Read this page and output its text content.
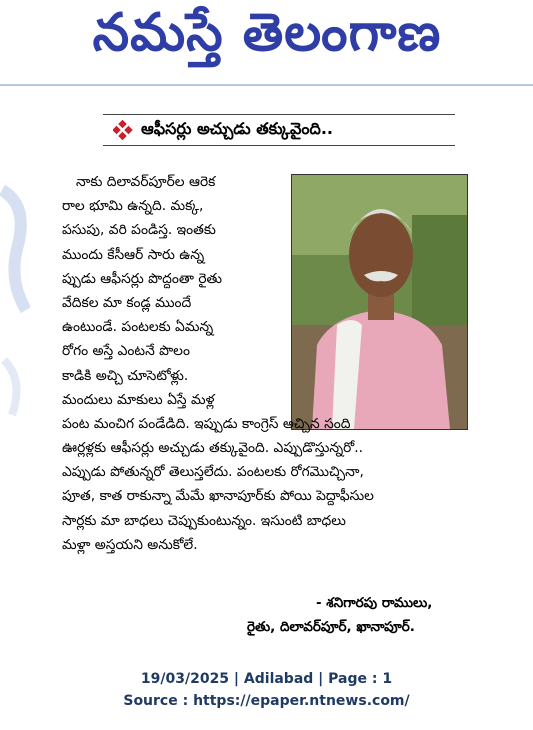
నమస్తే తెలంగాణ
ఆఫీసర్లు అచ్చుడు తక్కువైంది..
నాకు దిలావర్‌పూర్‌ల ఆరెక
రాల భూమి ఉన్నది. మక్క,
పసుపు, వరి పండిస్త. ఇంతకు
ముందు కేసీఆర్ సారు ఉన్న
ప్పుడు ఆఫీసర్లు పొద్దంతా రైతు
వేదికల మా కండ్ల ముందే
ఉంటుండే. పంటలకు ఏమన్న
రోగం అస్తే ఎంటనే పొలం
కాడికి అచ్చి చూసెటోళ్లు.
మందులు మాకులు ఏస్తే మళ్ల
పంట మంచిగ పండేడిది. ఇప్పుడు కాంగ్రెస్ అచ్చిన సంది
ఊర్లళ్లకు ఆఫీసర్లు అచ్చుడు తక్కువైంది. ఎప్పుడొస్తున్నరో..
ఎప్పుడు పోతున్నరో తెలుస్తలేదు. పంటలకు రోగమొచ్చినా,
పూత, కాత రాకున్నా మేమే ఖానాపూర్‌కు పోయి పెద్దాఫీసుల
సార్లకు మా బాధలు చెప్పుకుంటున్నం. ఇసుంటి బాధలు
మళ్లా అస్తయని అనుకోలే.
- శనిగారపు రాములు,
రైతు, దిలావర్‌పూర్, ఖానాపూర్.
19/03/2025 | Adilabad | Page : 1
Source : https://epaper.ntnews.com/
